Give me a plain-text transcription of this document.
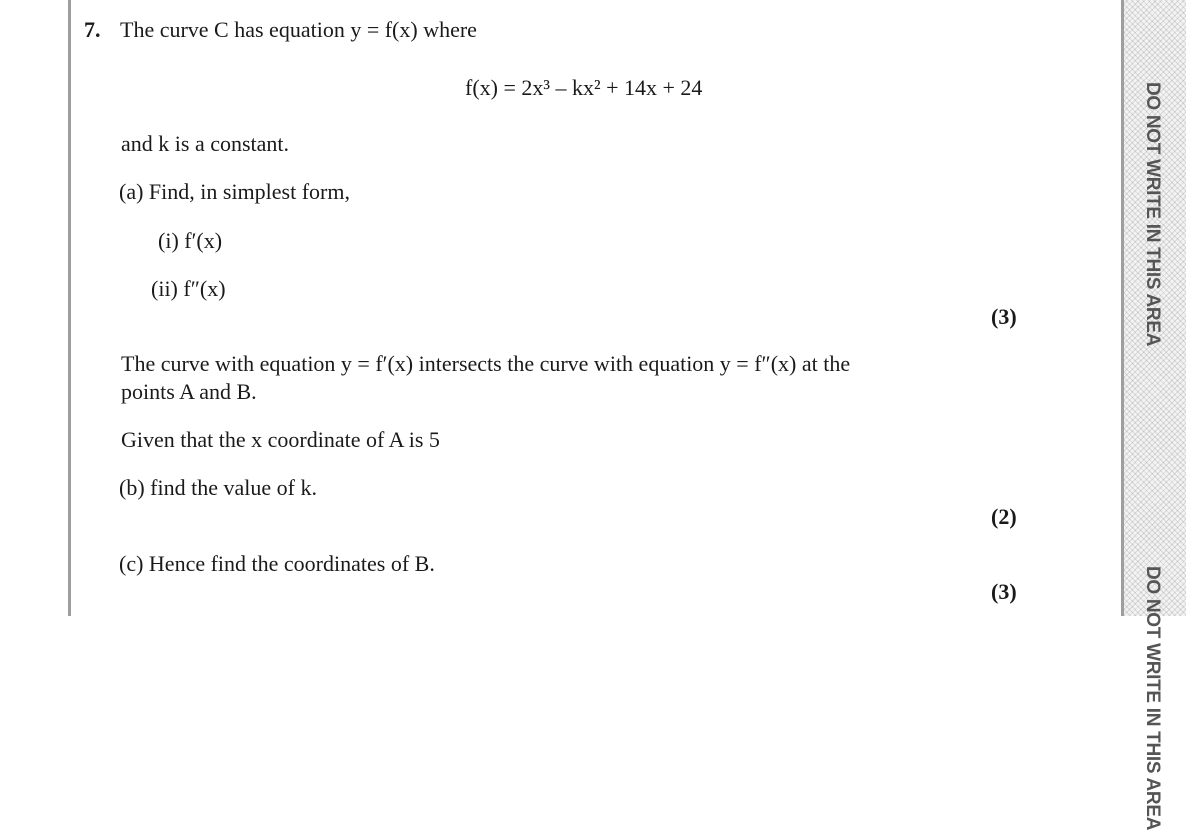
DO NOT WRITE IN THIS AREA
DO NOT WRITE IN THIS AREA
7. The curve C has equation y = f(x) where
f(x) = 2x³ – kx² + 14x + 24
and k is a constant.
(a) Find, in simplest form,
(i) f′(x)
(ii) f″(x)
(3)
The curve with equation y = f′(x) intersects the curve with equation y = f″(x) at the
points A and B.
Given that the x coordinate of A is 5
(b) find the value of k.
(2)
(c) Hence find the coordinates of B.
(3)
